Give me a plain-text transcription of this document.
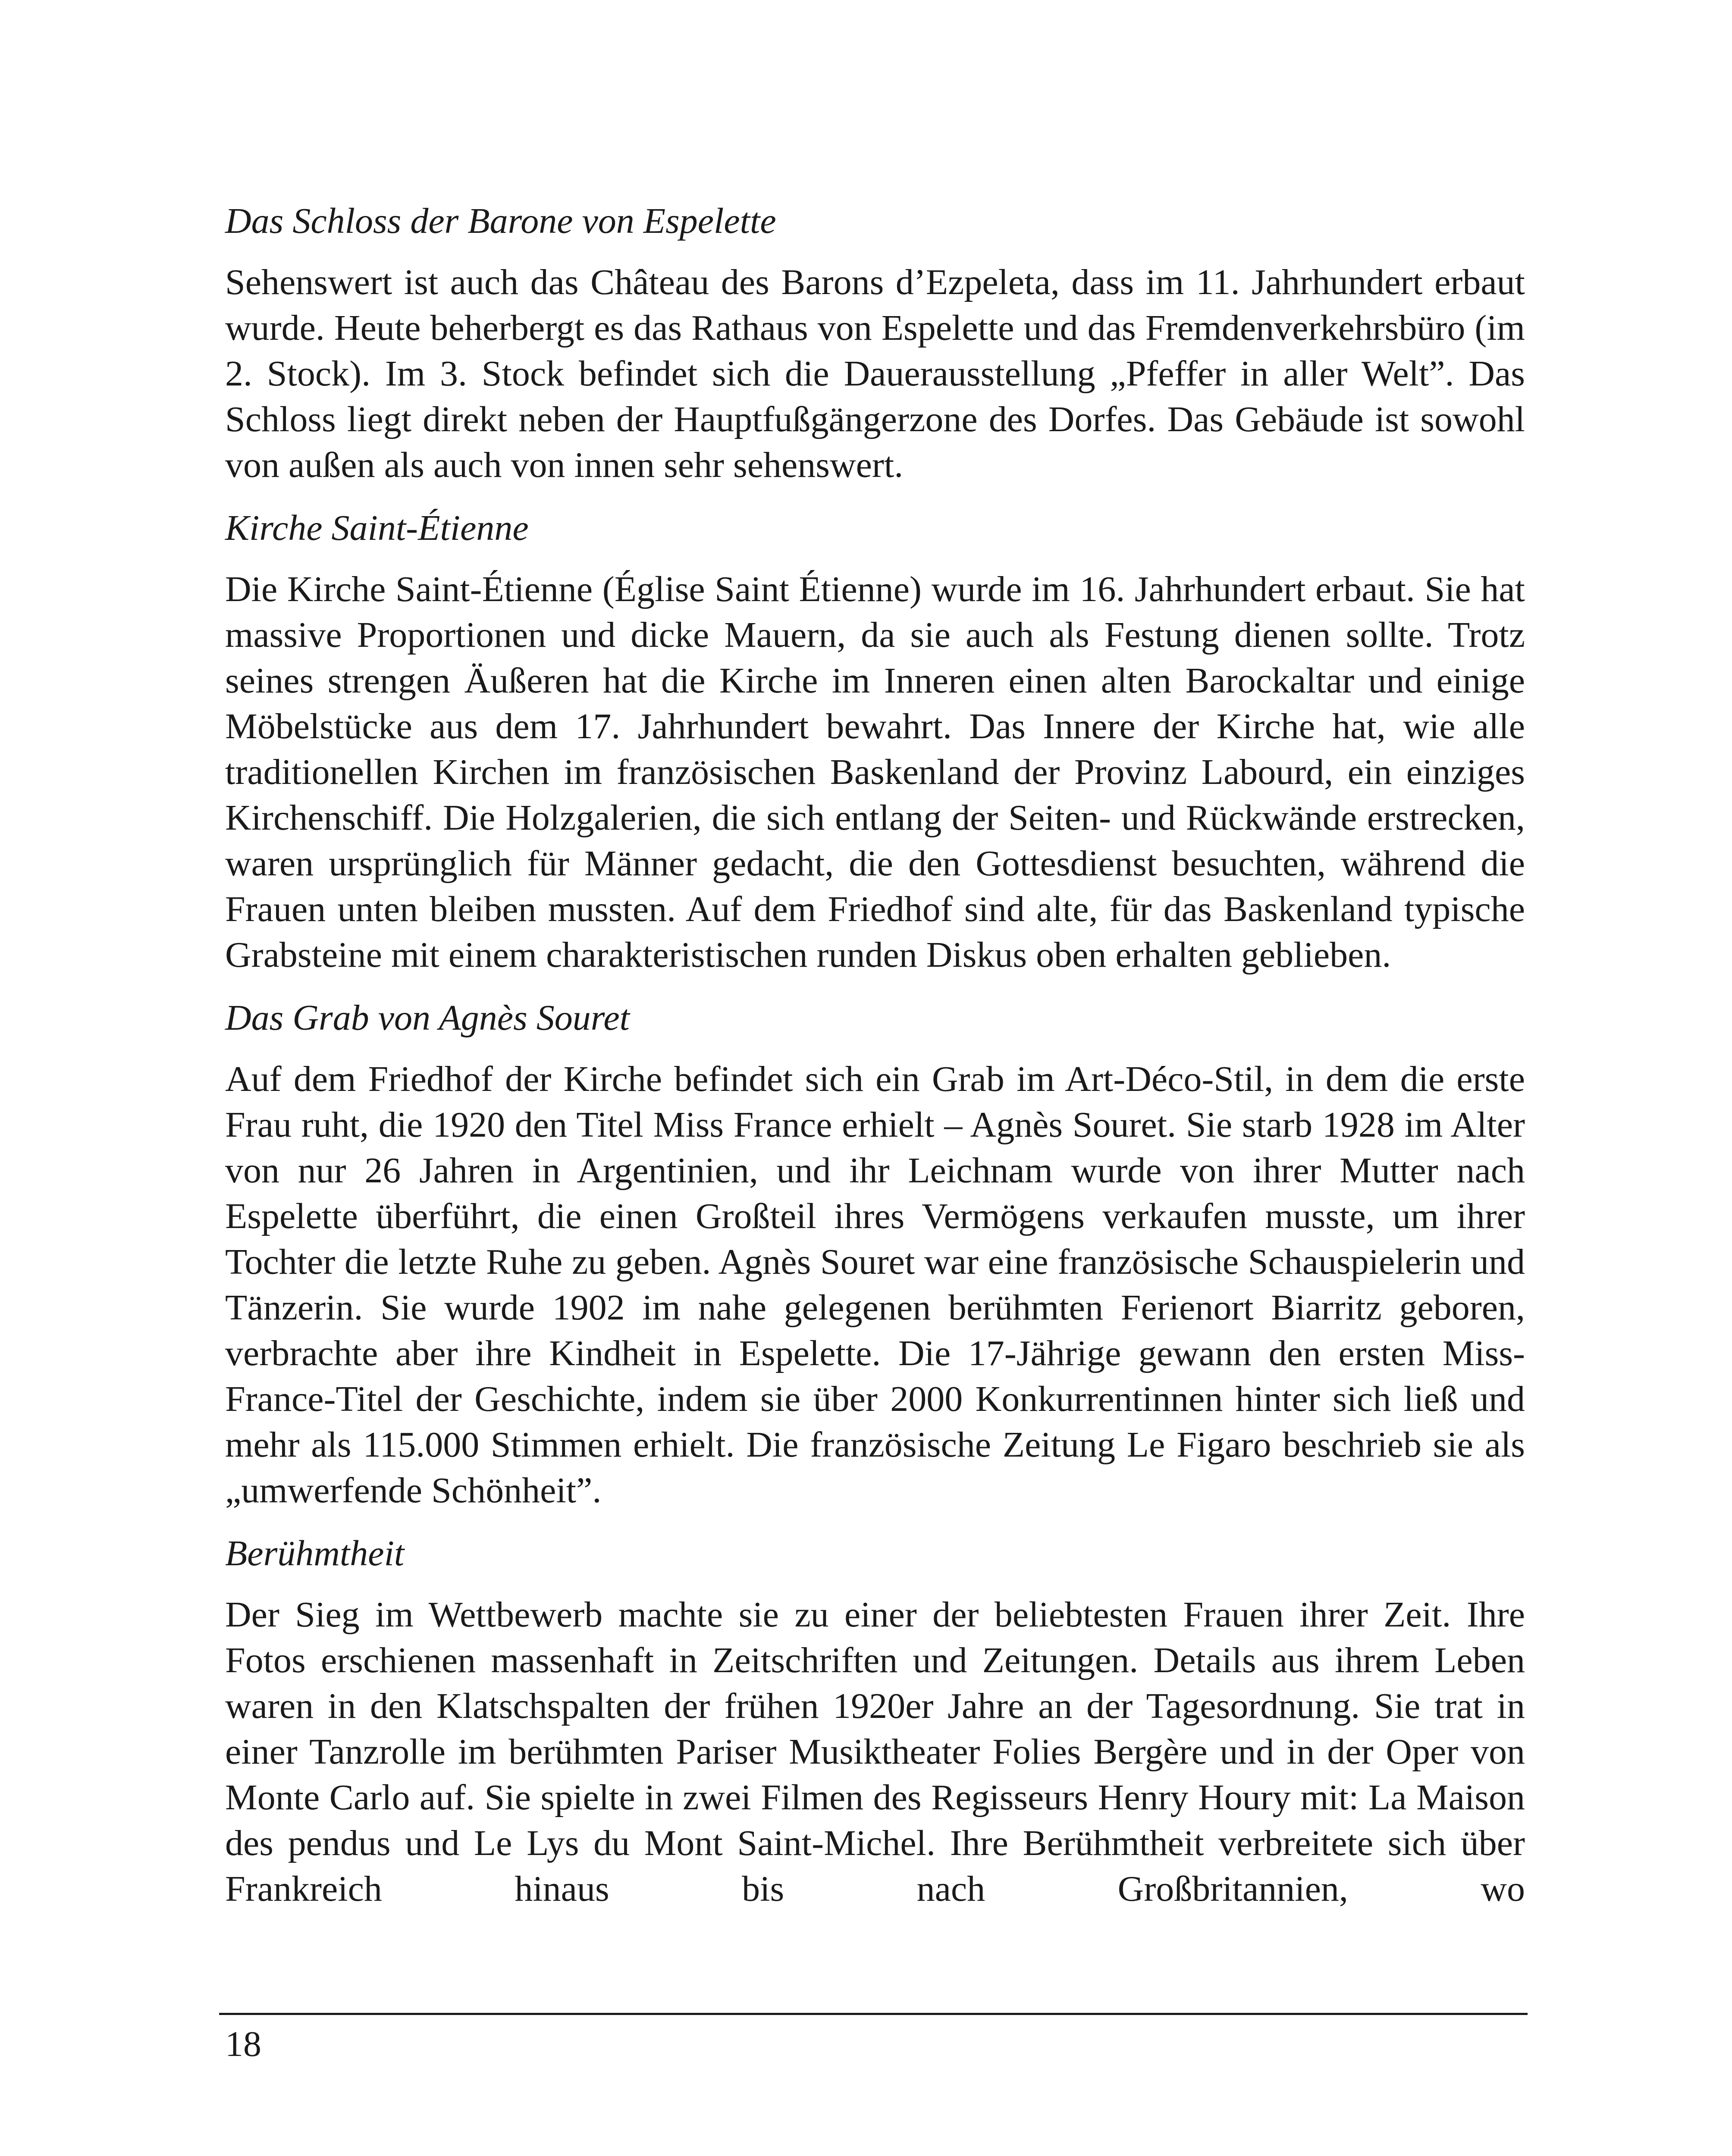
Das Schloss der Barone von Espelette

Sehenswert ist auch das Château des Barons d’Ezpeleta, dass im 11. Jahrhundert erbaut wurde. Heute beherbergt es das Rathaus von Espelette und das Fremdenverkehrsbüro (im 2. Stock). Im 3. Stock befindet sich die Dauerausstellung „Pfeffer in aller Welt”. Das Schloss liegt direkt neben der Hauptfußgängerzone des Dorfes. Das Gebäude ist sowohl von außen als auch von innen sehr sehenswert.

Kirche Saint-Étienne

Die Kirche Saint-Étienne (Église Saint Étienne) wurde im 16. Jahrhundert erbaut. Sie hat massive Proportionen und dicke Mauern, da sie auch als Festung dienen sollte. Trotz seines strengen Äußeren hat die Kirche im Inneren einen alten Barockaltar und einige Möbelstücke aus dem 17. Jahrhundert bewahrt. Das Innere der Kirche hat, wie alle traditionellen Kirchen im französischen Baskenland der Provinz Labourd, ein einziges Kirchenschiff. Die Holzgalerien, die sich entlang der Seiten- und Rückwände erstrecken, waren ursprünglich für Männer gedacht, die den Gottesdienst besuchten, während die Frauen unten bleiben mussten. Auf dem Friedhof sind alte, für das Baskenland typische Grabsteine mit einem charakteristischen runden Diskus oben erhalten geblieben.

Das Grab von Agnès Souret

Auf dem Friedhof der Kirche befindet sich ein Grab im Art-Déco-Stil, in dem die erste Frau ruht, die 1920 den Titel Miss France erhielt – Agnès Souret. Sie starb 1928 im Alter von nur 26 Jahren in Argentinien, und ihr Leichnam wurde von ihrer Mutter nach Espelette überführt, die einen Großteil ihres Vermögens verkaufen musste, um ihrer Tochter die letzte Ruhe zu geben. Agnès Souret war eine französische Schauspielerin und Tänzerin. Sie wurde 1902 im nahe gelegenen berühmten Ferienort Biarritz geboren, verbrachte aber ihre Kindheit in Espelette. Die 17-Jährige gewann den ersten Miss-France-Titel der Geschichte, indem sie über 2000 Konkurrentinnen hinter sich ließ und mehr als 115.000 Stimmen erhielt. Die französische Zeitung Le Figaro beschrieb sie als „umwerfende Schönheit”.

Berühmtheit

Der Sieg im Wettbewerb machte sie zu einer der beliebtesten Frauen ihrer Zeit. Ihre Fotos erschienen massenhaft in Zeitschriften und Zeitungen. Details aus ihrem Leben waren in den Klatschspalten der frühen 1920er Jahre an der Tagesordnung. Sie trat in einer Tanzrolle im berühmten Pariser Musiktheater Folies Bergère und in der Oper von Monte Carlo auf. Sie spielte in zwei Filmen des Regisseurs Henry Houry mit: La Maison des pendus und Le Lys du Mont Saint-Michel. Ihre Berühmtheit verbreitete sich über Frankreich hinaus bis nach Großbritannien, wo

18
